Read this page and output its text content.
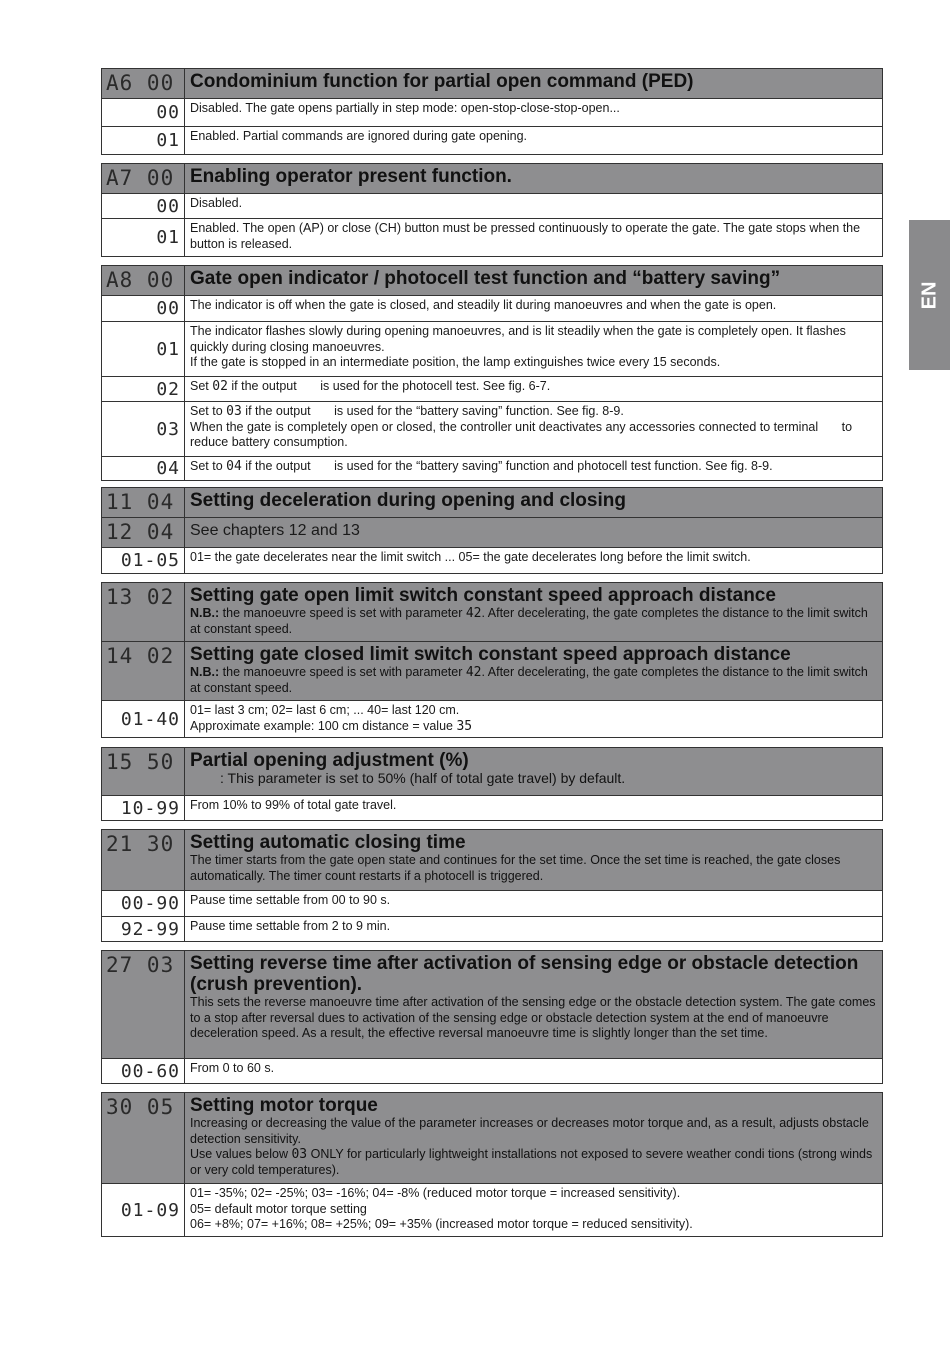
EN
A6 00 Condominium function for partial open command (PED)
00 Disabled. The gate opens partially in step mode: open-stop-close-stop-open...
01 Enabled. Partial commands are ignored during gate opening.
A7 00 Enabling operator present function.
00 Disabled.
01 Enabled. The open (AP) or close (CH) button must be pressed continuously to operate the gate. The gate stops when the button is released.
A8 00 Gate open indicator / photocell test function and “battery saving”
00 The indicator is off when the gate is closed, and steadily lit during manoeuvres and when the gate is open.
01
The indicator flashes slowly during opening manoeuvres, and is lit steadily when the gate is completely open. It flashes quickly during closing manoeuvres.
If the gate is stopped in an intermediate position, the lamp extinguishes twice every 15 seconds.
02 Set 02 if the output is used for the photocell test. See fig. 6-7.
03
Set to 03 if the output is used for the “battery saving” function. See fig. 8-9.
When the gate is completely open or closed, the controller unit deactivates any accessories connected to terminal to reduce battery consumption.
04 Set to 04 if the output is used for the “battery saving” function and photocell test function. See fig. 8-9.
11 04 Setting deceleration during opening and closing
12 04 See chapters 12 and 13
01-05 01= the gate decelerates near the limit switch ... 05= the gate decelerates long before the limit switch.
13 02 Setting gate open limit switch constant speed approach distance
N.B.: the manoeuvre speed is set with parameter 42. After decelerating, the gate completes the distance to the limit switch at constant speed.
14 02 Setting gate closed limit switch constant speed approach distance
N.B.: the manoeuvre speed is set with parameter 42. After decelerating, the gate completes the distance to the limit switch at constant speed.
01-40 01= last 3 cm; 02= last 6 cm; ... 40= last 120 cm.
Approximate example: 100 cm distance = value 35
15 50 Partial opening adjustment (%)
: This parameter is set to 50% (half of total gate travel) by default.
10-99 From 10% to 99% of total gate travel.
21 30 Setting automatic closing time
The timer starts from the gate open state and continues for the set time. Once the set time is reached, the gate closes automatically. The timer count restarts if a photocell is triggered.
00-90 Pause time settable from 00 to 90 s.
92-99 Pause time settable from 2 to 9 min.
27 03 Setting reverse time after activation of sensing edge or obstacle detection (crush prevention).
This sets the reverse manoeuvre time after activation of the sensing edge or the obstacle detection system. The gate comes to a stop after reversal dues to activation of the sensing edge or obstacle detection system at the end of manoeuvre deceleration speed. As a result, the effective reversal manoeuvre time is slightly longer than the set time.
00-60 From 0 to 60 s.
30 05 Setting motor torque
Increasing or decreasing the value of the parameter increases or decreases motor torque and, as a result, adjusts obstacle detection sensitivity.
Use values below 03 ONLY for particularly lightweight installations not exposed to severe weather condi tions (strong winds or very cold temperatures).
01-09
01= -35%; 02= -25%; 03= -16%; 04= -8% (reduced motor torque = increased sensitivity).
05= default motor torque setting
06= +8%; 07= +16%; 08= +25%; 09= +35% (increased motor torque = reduced sensitivity).
